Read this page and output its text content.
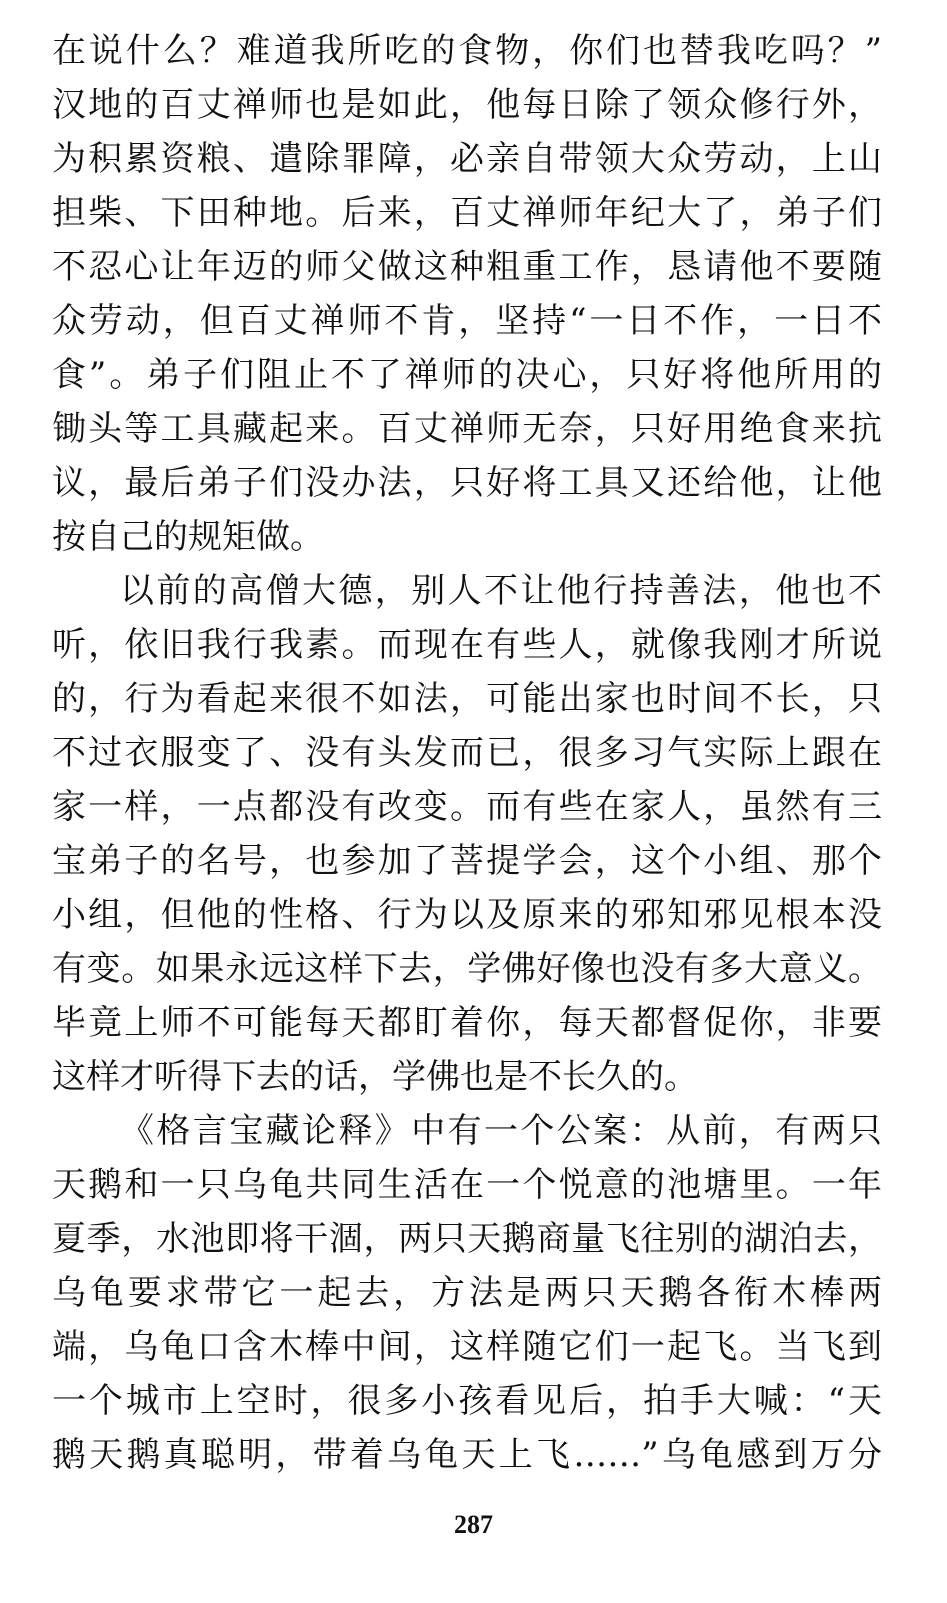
在说什么？难道我所吃的食物，你们也替我吃吗？”
汉地的百丈禅师也是如此，他每日除了领众修行外，
为积累资粮、遣除罪障，必亲自带领大众劳动，上山
担柴、下田种地。后来，百丈禅师年纪大了，弟子们
不忍心让年迈的师父做这种粗重工作，恳请他不要随
众劳动，但百丈禅师不肯，坚持“一日不作，一日不
食”。弟子们阻止不了禅师的决心，只好将他所用的
锄头等工具藏起来。百丈禅师无奈，只好用绝食来抗
议，最后弟子们没办法，只好将工具又还给他，让他
按自己的规矩做。
以前的高僧大德，别人不让他行持善法，他也不
听，依旧我行我素。而现在有些人，就像我刚才所说
的，行为看起来很不如法，可能出家也时间不长，只
不过衣服变了、没有头发而已，很多习气实际上跟在
家一样，一点都没有改变。而有些在家人，虽然有三
宝弟子的名号，也参加了菩提学会，这个小组、那个
小组，但他的性格、行为以及原来的邪知邪见根本没
有变。如果永远这样下去，学佛好像也没有多大意义。
毕竟上师不可能每天都盯着你，每天都督促你，非要
这样才听得下去的话，学佛也是不长久的。
《格言宝藏论释》中有一个公案：从前，有两只
天鹅和一只乌龟共同生活在一个悦意的池塘里。一年
夏季，水池即将干涸，两只天鹅商量飞往别的湖泊去，
乌龟要求带它一起去，方法是两只天鹅各衔木棒两
端，乌龟口含木棒中间，这样随它们一起飞。当飞到
一个城市上空时，很多小孩看见后，拍手大喊：“天
鹅天鹅真聪明，带着乌龟天上飞……”乌龟感到万分
287
